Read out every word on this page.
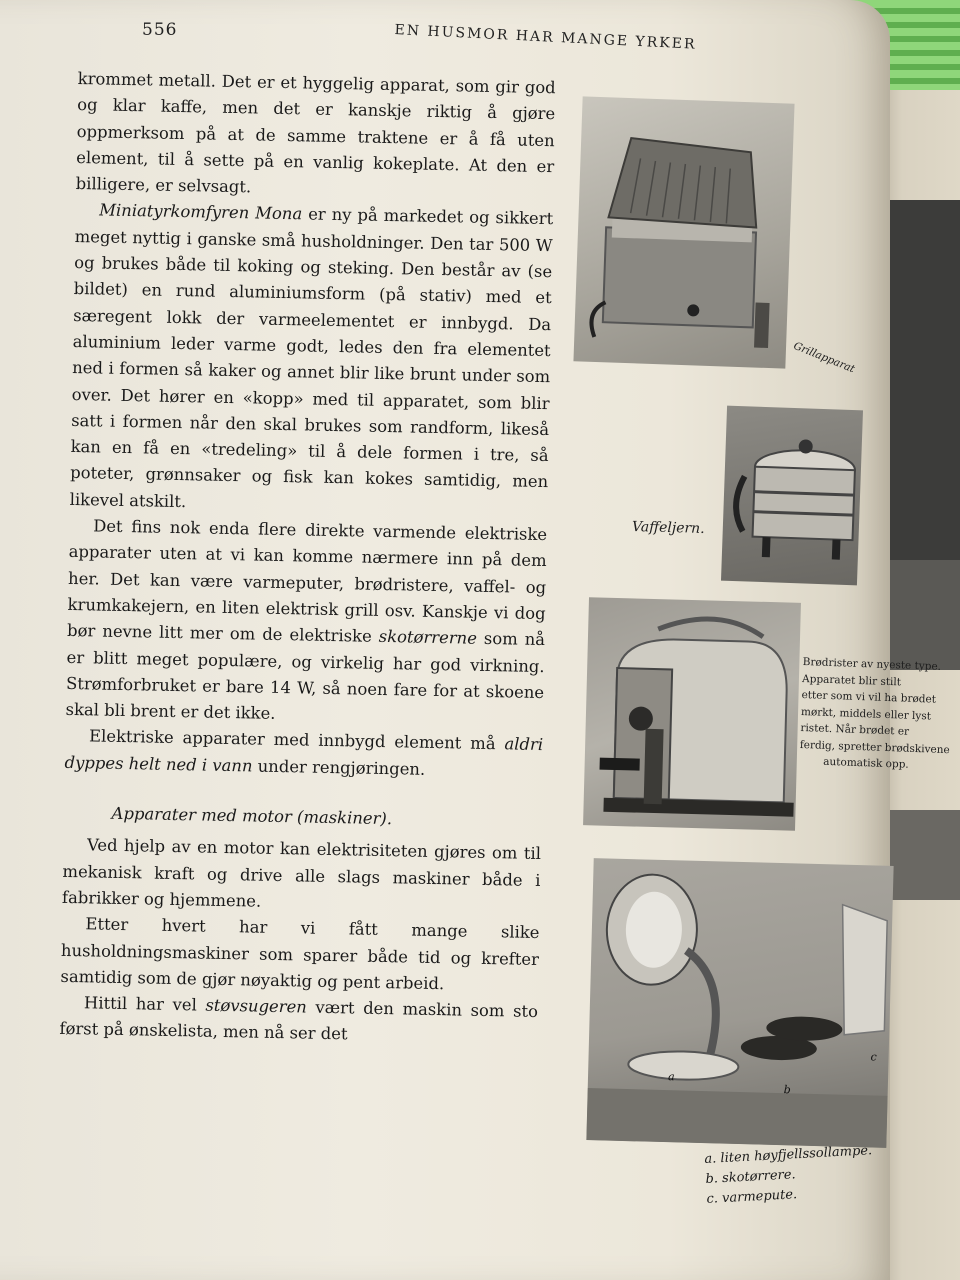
556	EN HUSMOR HAR MANGE YRKER

krommet metall. Det er et hyggelig apparat, som gir god og klar kaffe, men det er kanskje riktig å gjøre oppmerksom på at de samme traktene er å få uten element, til å sette på en vanlig kokeplate. At den er billigere, er selvsagt.

Miniatyrkomfyren Mona er ny på markedet og sikkert meget nyttig i ganske små husholdninger. Den tar 500 W og brukes både til koking og steking. Den består av (se bildet) en rund aluminiumsform (på stativ) med et særegent lokk der varmeelementet er innbygd. Da aluminium leder varme godt, ledes den fra elementet ned i formen så kaker og annet blir like brunt under som over. Det hører en «kopp» med til apparatet, som blir satt i formen når den skal brukes som randform, likeså kan en få en «tredeling» til å dele formen i tre, så poteter, grønnsaker og fisk kan kokes samtidig, men likevel atskilt.

Det fins nok enda flere direkte varmende elektriske apparater uten at vi kan komme nærmere inn på dem her. Det kan være varmeputer, brødristere, vaffel- og krumkakejern, en liten elektrisk grill osv. Kanskje vi dog bør nevne litt mer om de elektriske skotørrerne som nå er blitt meget populære, og virkelig har god virkning. Strømforbruket er bare 14 W, så noen fare for at skoene skal bli brent er det ikke.

Elektriske apparater med innbygd element må aldri dyppes helt ned i vann under rengjøringen.

Apparater med motor (maskiner).

Ved hjelp av en motor kan elektrisiteten gjøres om til mekanisk kraft og drive alle slags maskiner både i fabrikker og hjemmene.

Etter hvert har vi fått mange slike husholdningsmaskiner som sparer både tid og krefter samtidig som de gjør nøyaktig og pent arbeid.

Hittil har vel støvsugeren vært den maskin som sto først på ønskelista, men nå ser det

Grillapparat
Vaffeljern.
Brødrister av nyeste type.
Apparatet blir stilt
etter som vi vil ha brødet
mørkt, middels eller lyst
ristet. Når brødet er
ferdig, spretter brødskivene
automatisk opp.
a
b
c
a. liten høyfjellssollampe.
b. skotørrere.
c. varmepute.
